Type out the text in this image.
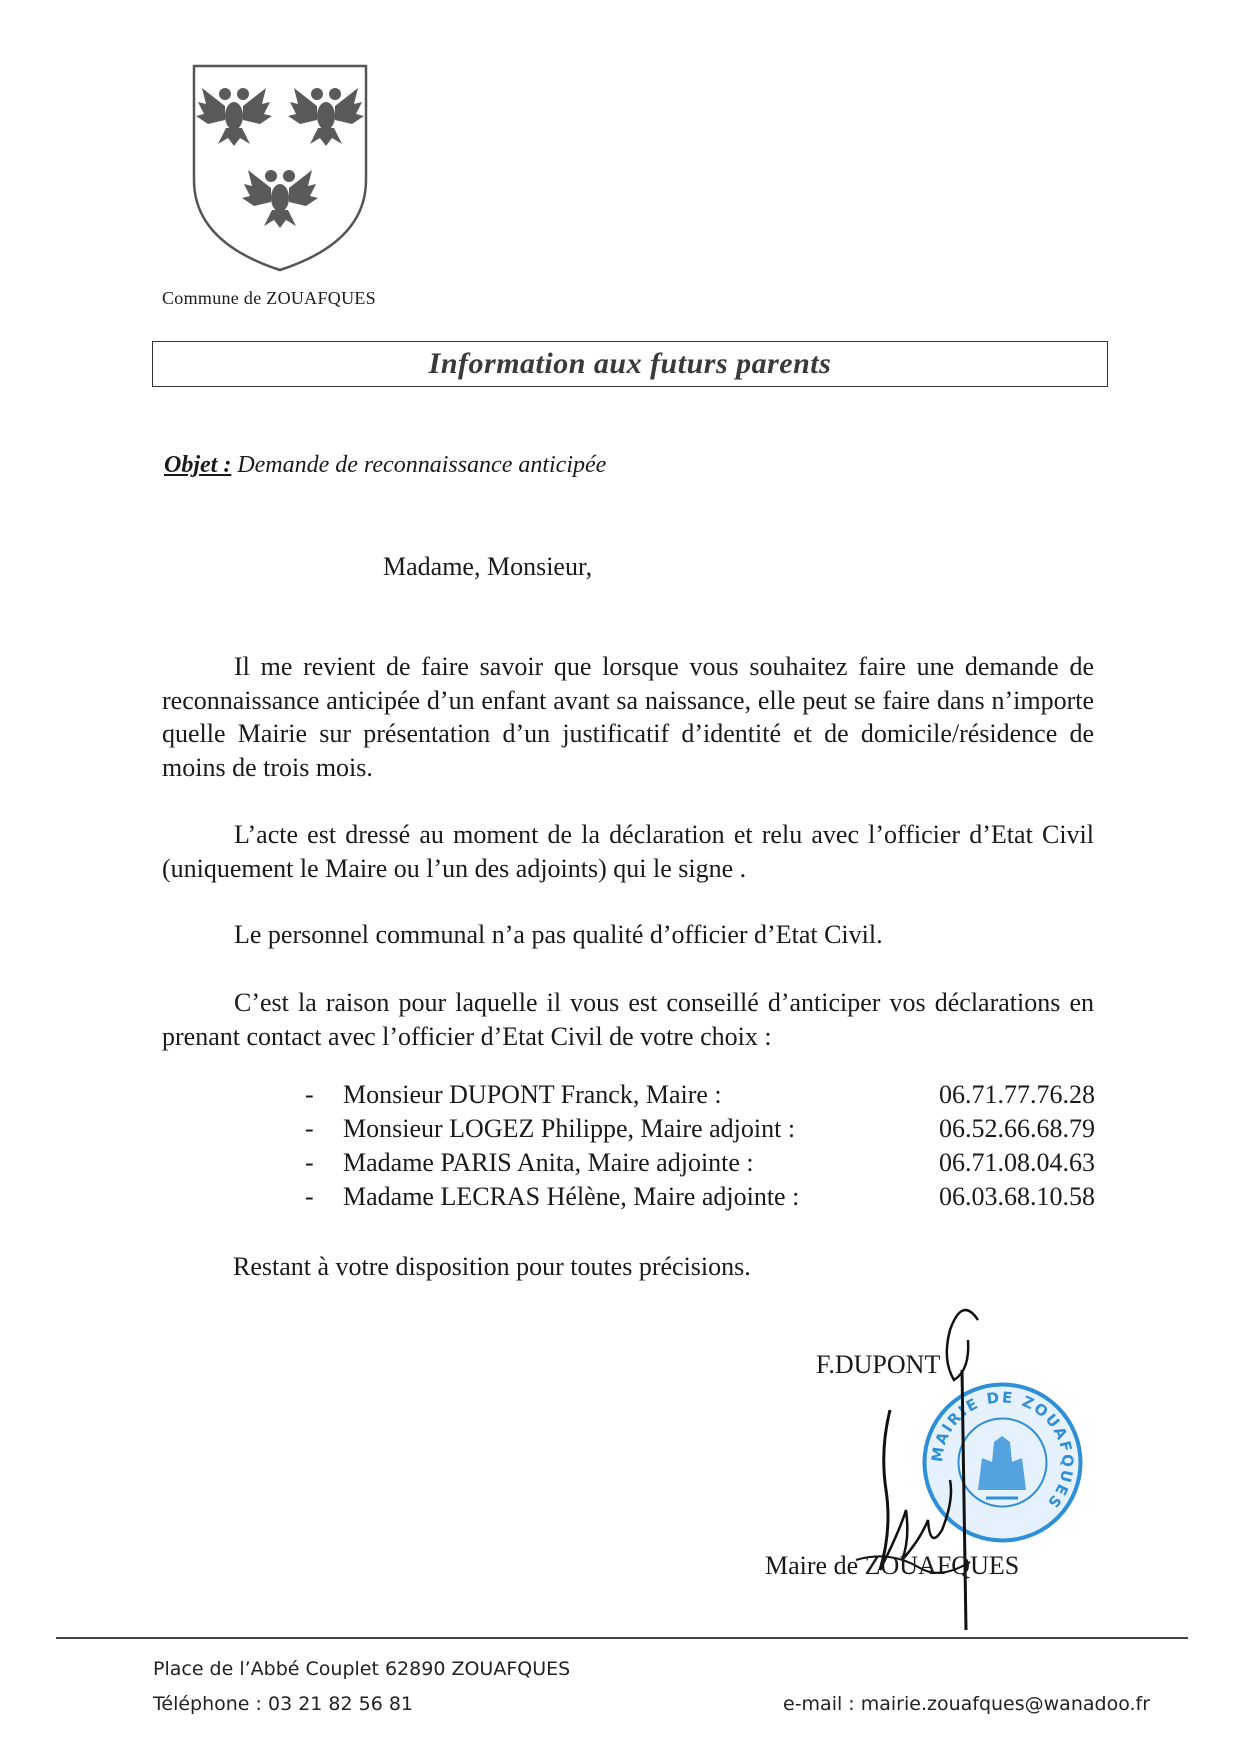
Commune de ZOUAFQUES
Information aux futurs parents
Objet : Demande de reconnaissance anticipée
Madame, Monsieur,
Il me revient de faire savoir que lorsque vous souhaitez faire une demande de reconnaissance anticipée d’un enfant avant sa naissance, elle peut se faire dans n’importe quelle Mairie sur présentation d’un justificatif d’identité et de domicile/résidence de moins de trois mois.
L’acte est dressé au moment de la déclaration et relu avec l’officier d’Etat Civil (uniquement le Maire ou l’un des adjoints) qui le signe .
Le personnel communal n’a pas qualité d’officier d’Etat Civil.
C’est la raison pour laquelle il vous est conseillé d’anticiper vos déclarations en prenant contact avec l’officier d’Etat Civil de votre choix :
-	Monsieur DUPONT Franck, Maire :	06.71.77.76.28
-	Monsieur LOGEZ Philippe, Maire adjoint :	06.52.66.68.79
-	Madame PARIS Anita, Maire adjointe :	06.71.08.04.63
-	Madame LECRAS Hélène, Maire adjointe :	06.03.68.10.58
Restant à votre disposition pour toutes précisions.
MAIRIE DE ZOUAFQUES
F.DUPONT
Maire de ZOUAFQUES
Place de l’Abbé Couplet 62890 ZOUAFQUES
Téléphone : 03 21 82 56 81	e-mail : mairie.zouafques@wanadoo.fr
